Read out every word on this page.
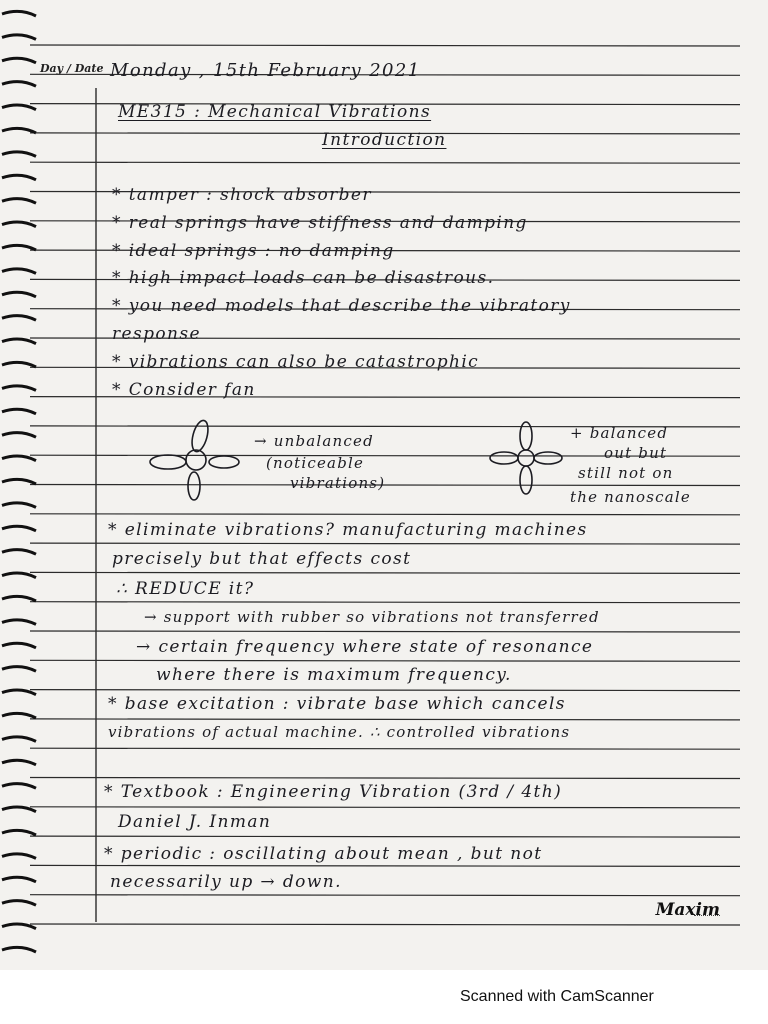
Day / Date Monday , 15th February 2021
ME315 : Mechanical Vibrations
Introduction
* tamper : shock absorber
* real springs have stiffness and damping
* ideal springs : no damping
* high impact loads can be disastrous.
* you need models that describe the vibratory
response
* vibrations can also be catastrophic
* Consider fan
→ unbalanced
(noticeable
vibrations)
+ balanced
out but
still not on
the nanoscale
* eliminate vibrations? manufacturing machines
precisely but that effects cost
∴ REDUCE it?
→ support with rubber so vibrations not transferred
→ certain frequency where state of resonance
where there is maximum frequency.
* base excitation : vibrate base which cancels
vibrations of actual machine. ∴ controlled vibrations
* Textbook : Engineering Vibration (3rd / 4th)
Daniel J. Inman
* periodic : oscillating about mean , but not
necessarily up → down.
Maxim
Scanned with CamScanner
